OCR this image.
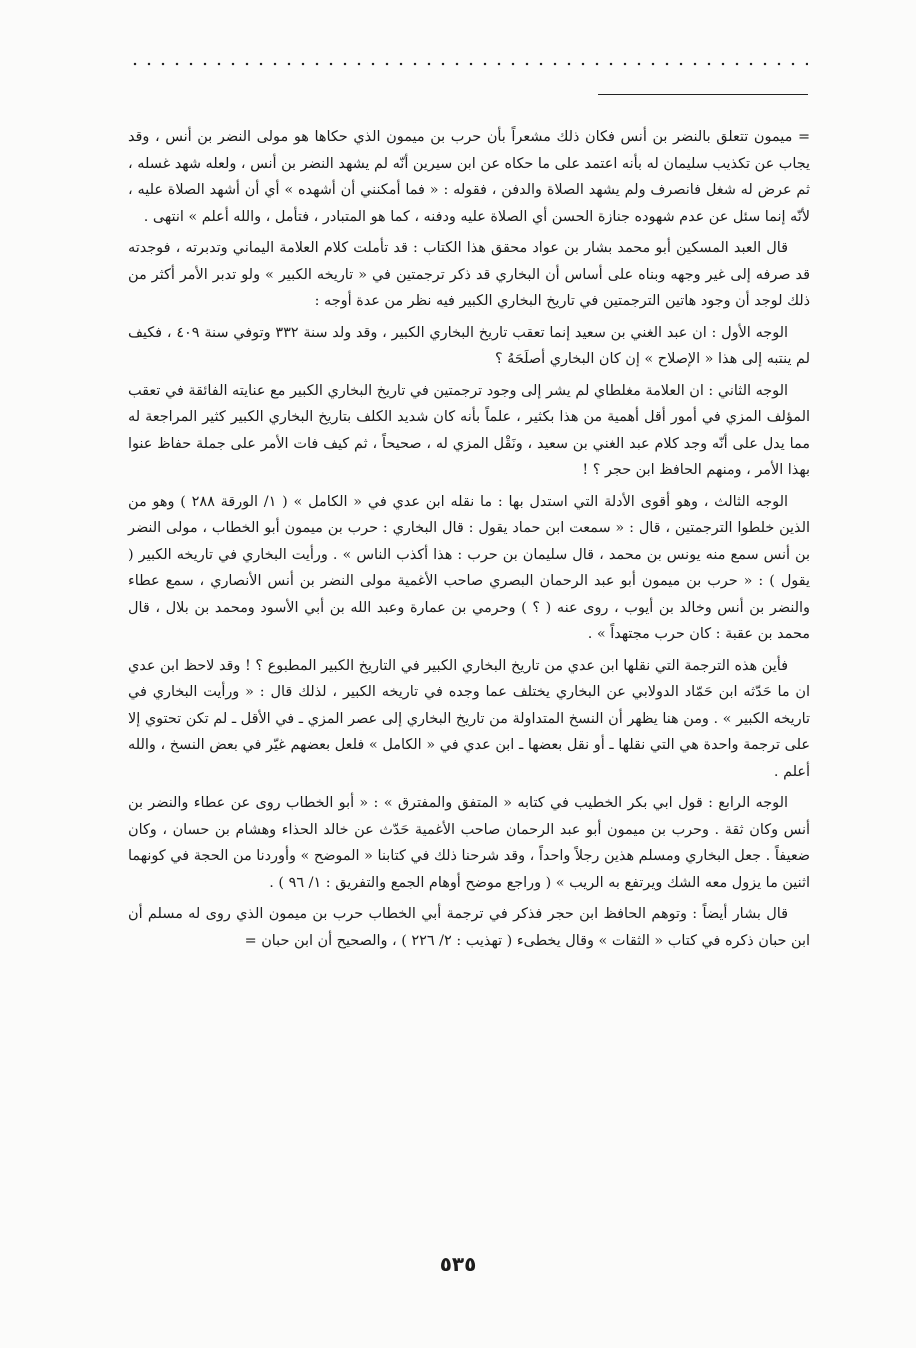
= ميمون تتعلق بالنضر بن أنس فكان ذلك مشعراً بأن حرب بن ميمون الذي حكاها هو مولى النضر بن أنس ، وقد يجاب عن تكذيب سليمان له بأنه اعتمد على ما حكاه عن ابن سيرين أنّه لم يشهد النضر بن أنس ، ولعله شهد غسله ، ثم عرض له شغل فانصرف ولم يشهد الصلاة والدفن ، فقوله : « فما أمكنني أن أشهده » أي أن أشهد الصلاة عليه ، لأنّه إنما سئل عن عدم شهوده جنازة الحسن أي الصلاة عليه ودفنه ، كما هو المتبادر ، فتأمل ، والله أعلم » انتهى .

قال العبد المسكين أبو محمد بشار بن عواد محقق هذا الكتاب : قد تأملت كلام العلامة اليماني وتدبرته ، فوجدته قد صرفه إلى غير وجهه وبناه على أساس أن البخاري قد ذكر ترجمتين في « تاريخه الكبير » ولو تدبر الأمر أكثر من ذلك لوجد أن وجود هاتين الترجمتين في تاريخ البخاري الكبير فيه نظر من عدة أوجه :

الوجه الأول : ان عبد الغني بن سعيد إنما تعقب تاريخ البخاري الكبير ، وقد ولد سنة ٣٣٢ وتوفي سنة ٤٠٩ ، فكيف لم ينتبه إلى هذا « الإصلاح » إن كان البخاري أصلَحَهُ ؟

الوجه الثاني : ان العلامة مغلطاي لم يشر إلى وجود ترجمتين في تاريخ البخاري الكبير مع عنايته الفائقة في تعقب المؤلف المزي في أمور أقل أهمية من هذا بكثير ، علماً بأنه كان شديد الكلف بتاريخ البخاري الكبير كثير المراجعة له مما يدل على أنّه وجد كلام عبد الغني بن سعيد ، ونَقْل المزي له ، صحيحاً ، ثم كيف فات الأمر على جملة حفاظ عنوا بهذا الأمر ، ومنهم الحافظ ابن حجر ؟ !

الوجه الثالث ، وهو أقوى الأدلة التي استدل بها : ما نقله ابن عدي في « الكامل » ( ١/ الورقة ٢٨٨ ) وهو من الذين خلطوا الترجمتين ، قال : « سمعت ابن حماد يقول : قال البخاري : حرب بن ميمون أبو الخطاب ، مولى النضر بن أنس سمع منه يونس بن محمد ، قال سليمان بن حرب : هذا أكذب الناس » . ورأيت البخاري في تاريخه الكبير ( يقول ) : « حرب بن ميمون أبو عبد الرحمان البصري صاحب الأغمية مولى النضر بن أنس الأنصاري ، سمع عطاء والنضر بن أنس وخالد بن أيوب ، روى عنه ( ؟ ) وحرمي بن عمارة وعبد الله بن أبي الأسود ومحمد بن بلال ، قال محمد بن عقبة : كان حرب مجتهداً » .

فأين هذه الترجمة التي نقلها ابن عدي من تاريخ البخاري الكبير في التاريخ الكبير المطبوع ؟ ! وقد لاحظ ابن عدي ان ما حَدّثه ابن حَمّاد الدولابي عن البخاري يختلف عما وجده في تاريخه الكبير ، لذلك قال : « ورأيت البخاري في تاريخه الكبير » . ومن هنا يظهر أن النسخ المتداولة من تاريخ البخاري إلى عصر المزي ـ في الأقل ـ لم تكن تحتوي إلا على ترجمة واحدة هي التي نقلها ـ أو نقل بعضها ـ ابن عدي في « الكامل » فلعل بعضهم غيّر في بعض النسخ ، والله أعلم .

الوجه الرابع : قول ابي بكر الخطيب في كتابه « المتفق والمفترق » : « أبو الخطاب روى عن عطاء والنضر بن أنس وكان ثقة . وحرب بن ميمون أبو عبد الرحمان صاحب الأغمية حَدّث عن خالد الحذاء وهشام بن حسان ، وكان ضعيفاً . جعل البخاري ومسلم هذين رجلاً واحداً ، وقد شرحنا ذلك في كتابنا « الموضح » وأوردنا من الحجة في كونهما اثنين ما يزول معه الشك ويرتفع به الريب » ( وراجع موضح أوهام الجمع والتفريق : ١/ ٩٦ ) .

قال بشار أيضاً : وتوهم الحافظ ابن حجر فذكر في ترجمة أبي الخطاب حرب بن ميمون الذي روى له مسلم أن ابن حبان ذكره في كتاب « الثقات » وقال يخطىء ( تهذيب : ٢/ ٢٢٦ ) ، والصحيح أن ابن حبان =

٥٣٥
